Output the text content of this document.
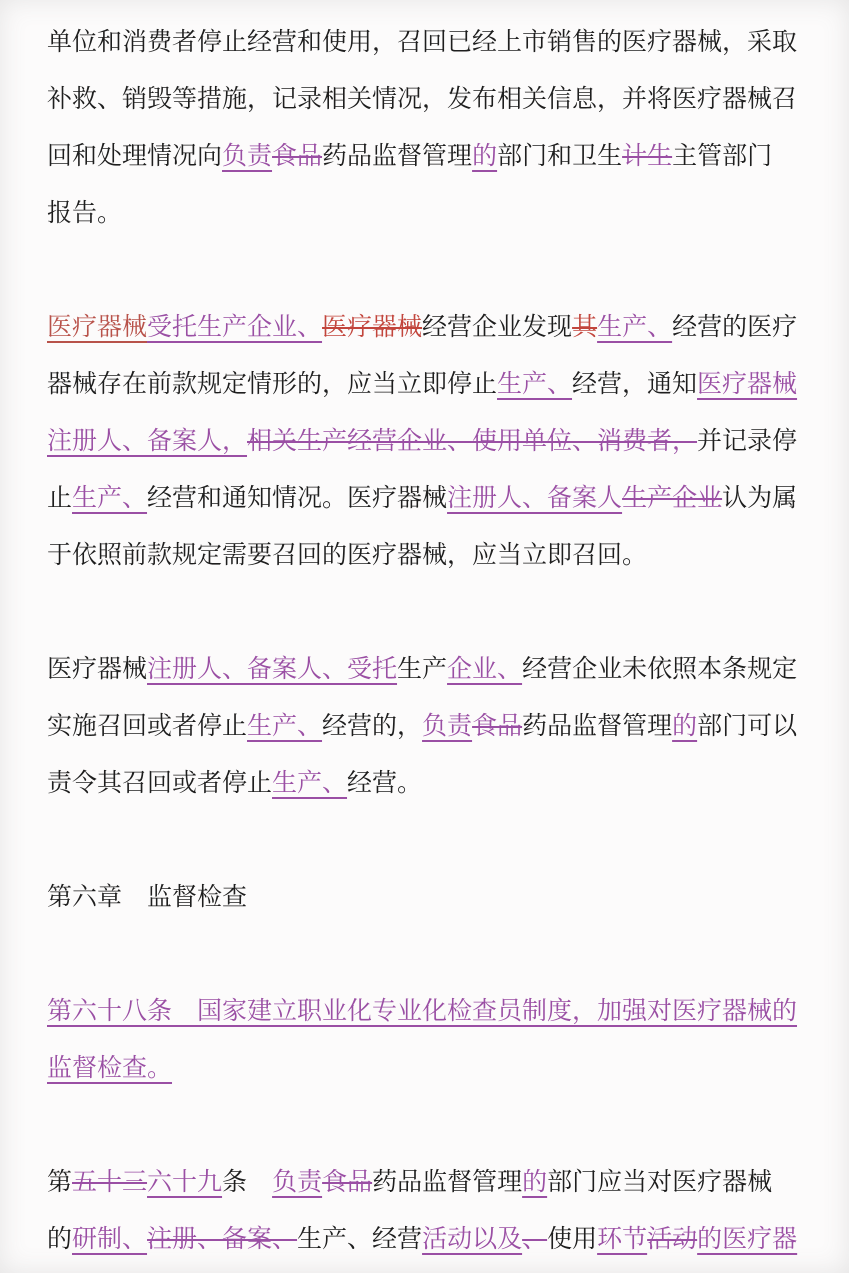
单位和消费者停止经营和使用，召回已经上市销售的医疗器械，采取
补救、销毁等措施，记录相关情况，发布相关信息，并将医疗器械召
回和处理情况向负责食品药品监督管理的部门和卫生计生主管部门
报告。
医疗器械受托生产企业、医疗器械经营企业发现其生产、经营的医疗
器械存在前款规定情形的，应当立即停止生产、经营，通知医疗器械
注册人、备案人，相关生产经营企业、使用单位、消费者，并记录停
止生产、经营和通知情况。医疗器械注册人、备案人生产企业认为属
于依照前款规定需要召回的医疗器械，应当立即召回。
医疗器械注册人、备案人、受托生产企业、经营企业未依照本条规定
实施召回或者停止生产、经营的，负责食品药品监督管理的部门可以
责令其召回或者停止生产、经营。
第六章　监督检查
第六十八条　国家建立职业化专业化检查员制度，加强对医疗器械的
监督检查。
第五十三六十九条　负责食品药品监督管理的部门应当对医疗器械
的研制、注册、备案、生产、经营活动以及、使用环节活动的医疗器
